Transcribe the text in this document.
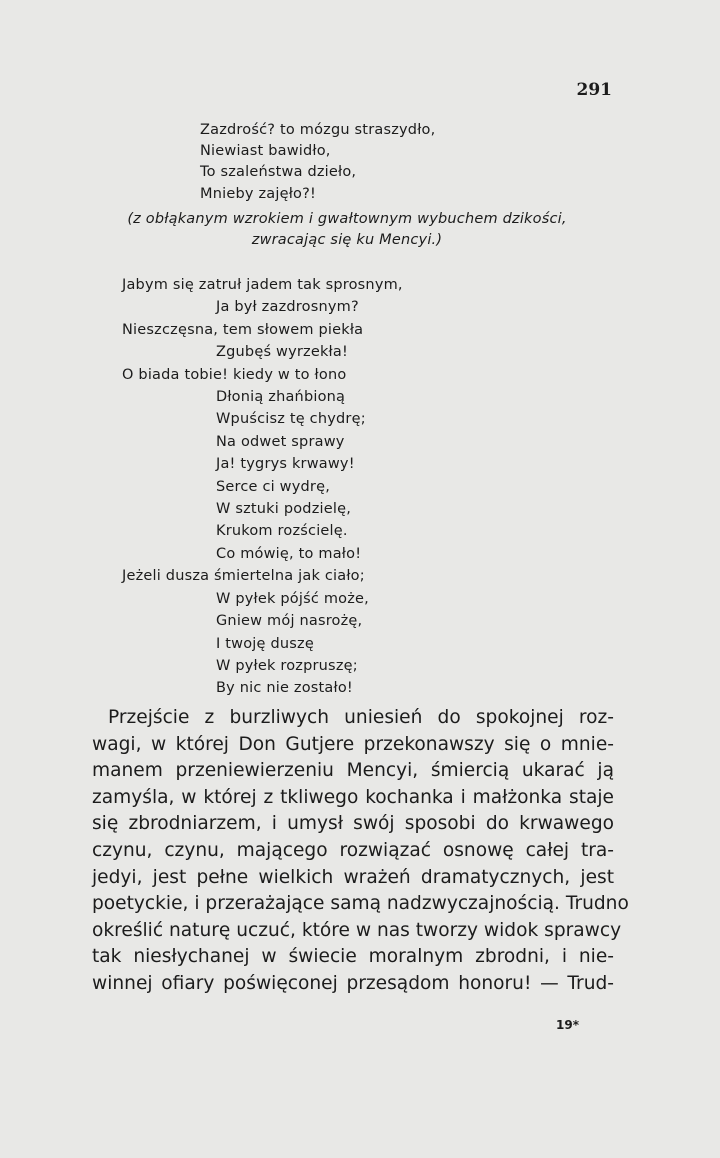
291
Zazdrość? to mózgu straszydło,
Niewiast bawidło,
To szaleństwa dzieło,
Mnieby zajęło?!
(z obłąkanym wzrokiem i gwałtownym wybuchem dzikości,
zwracając się ku Mencyi.)
Jabym się zatruł jadem tak sprosnym,
Ja był zazdrosnym?
Nieszczęsna, tem słowem piekła
Zgubęś wyrzekła!
O biada tobie! kiedy w to łono
Dłonią zhańbioną
Wpuścisz tę chydrę;
Na odwet sprawy
Ja! tygrys krwawy!
Serce ci wydrę,
W sztuki podzielę,
Krukom rozścielę.
Co mówię, to mało!
Jeżeli dusza śmiertelna jak ciało;
W pyłek pójść może,
Gniew mój nasrożę,
I twoję duszę
W pyłek rozpruszę;
By nic nie zostało!
Przejście z burzliwych uniesień do spokojnej roz-
wagi, w której Don Gutjere przekonawszy się o mnie-
manem przeniewierzeniu Mencyi, śmiercią ukarać ją
zamyśla, w której z tkliwego kochanka i małżonka staje
się zbrodniarzem, i umysł swój sposobi do krwawego
czynu, czynu, mającego rozwiązać osnowę całej tra-
jedyi, jest pełne wielkich wrażeń dramatycznych, jest
poetyckie, i przerażające samą nadzwyczajnością. Trudno
określić naturę uczuć, które w nas tworzy widok sprawcy
tak niesłychanej w świecie moralnym zbrodni, i nie-
winnej ofiary poświęconej przesądom honoru! — Trud-
19*
